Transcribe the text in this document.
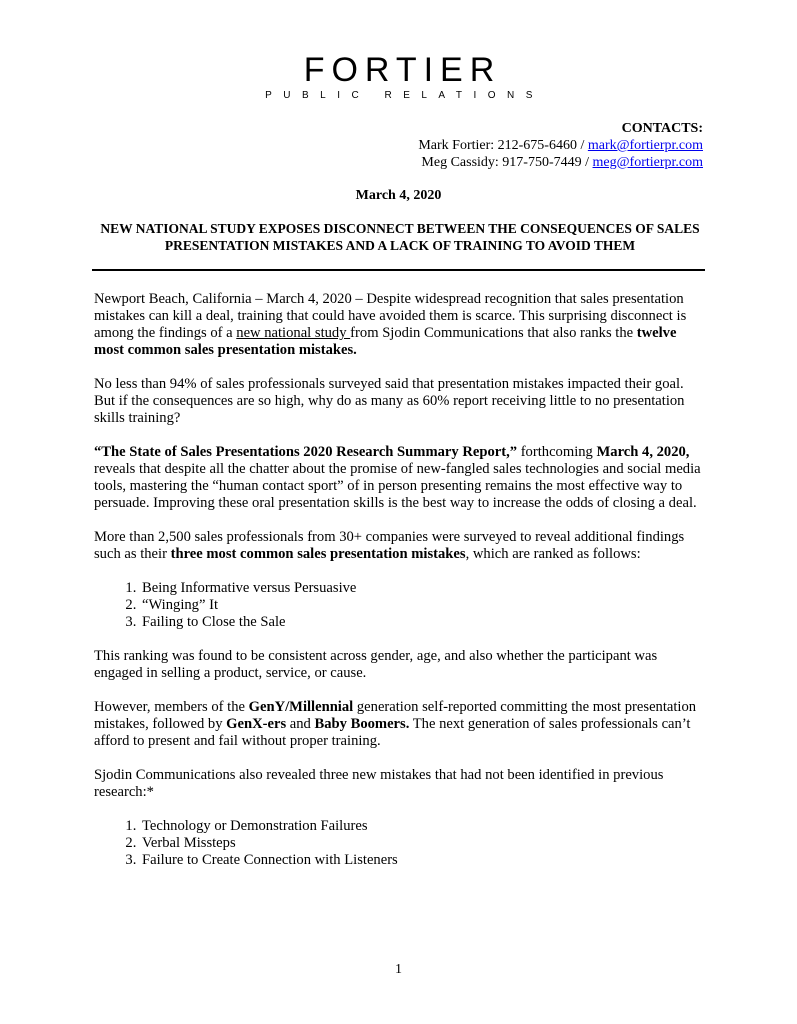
FORTIER
PUBLIC RELATIONS
CONTACTS:
Mark Fortier: 212-675-6460 / mark@fortierpr.com
Meg Cassidy: 917-750-7449 / meg@fortierpr.com
March 4, 2020
NEW NATIONAL STUDY EXPOSES DISCONNECT BETWEEN THE CONSEQUENCES OF SALES PRESENTATION MISTAKES AND A LACK OF TRAINING TO AVOID THEM

Newport Beach, California – March 4, 2020 – Despite widespread recognition that sales presentation mistakes can kill a deal, training that could have avoided them is scarce. This surprising disconnect is among the findings of a new national study from Sjodin Communications that also ranks the twelve most common sales presentation mistakes.

No less than 94% of sales professionals surveyed said that presentation mistakes impacted their goal. But if the consequences are so high, why do as many as 60% report receiving little to no presentation skills training?

“The State of Sales Presentations 2020 Research Summary Report,” forthcoming March 4, 2020, reveals that despite all the chatter about the promise of new-fangled sales technologies and social media tools, mastering the “human contact sport” of in person presenting remains the most effective way to persuade. Improving these oral presentation skills is the best way to increase the odds of closing a deal.

More than 2,500 sales professionals from 30+ companies were surveyed to reveal additional findings such as their three most common sales presentation mistakes, which are ranked as follows:

1. Being Informative versus Persuasive
2. “Winging” It
3. Failing to Close the Sale

This ranking was found to be consistent across gender, age, and also whether the participant was engaged in selling a product, service, or cause.

However, members of the GenY/Millennial generation self-reported committing the most presentation mistakes, followed by GenX-ers and Baby Boomers. The next generation of sales professionals can’t afford to present and fail without proper training.

Sjodin Communications also revealed three new mistakes that had not been identified in previous research:*

1. Technology or Demonstration Failures
2. Verbal Missteps
3. Failure to Create Connection with Listeners
1
